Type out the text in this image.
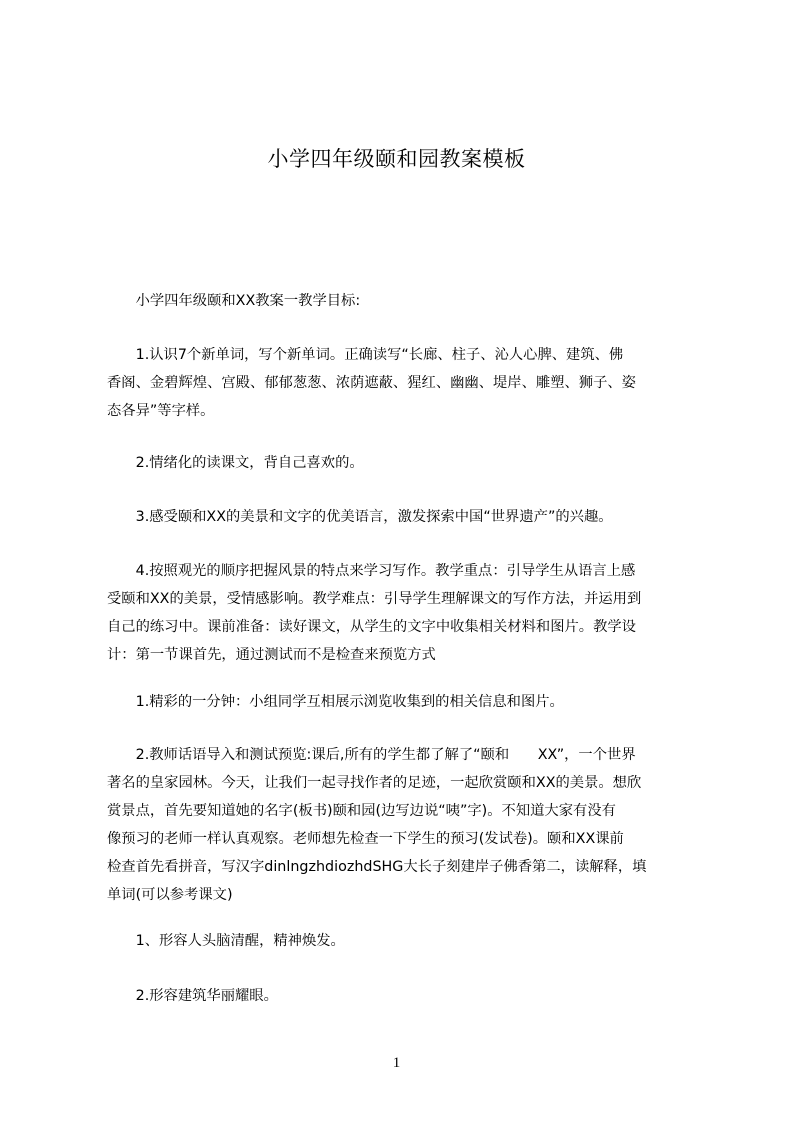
小学四年级颐和园教案模板
　　小学四年级颐和XX教案一教学目标:
　　1.认识7个新单词，写个新单词。正确读写“长廊、柱子、沁人心脾、建筑、佛
香阁、金碧辉煌、宫殿、郁郁葱葱、浓荫遮蔽、猩红、幽幽、堤岸、雕塑、狮子、姿
态各异”等字样。
　　2.情绪化的读课文，背自己喜欢的。
　　3.感受颐和XX的美景和文字的优美语言，激发探索中国“世界遗产”的兴趣。
　　4.按照观光的顺序把握风景的特点来学习写作。教学重点：引导学生从语言上感
受颐和XX的美景，受情感影响。教学难点：引导学生理解课文的写作方法，并运用到
自己的练习中。课前准备：读好课文，从学生的文字中收集相关材料和图片。教学设
计：第一节课首先，通过测试而不是检查来预览方式
　　1.精彩的一分钟：小组同学互相展示浏览收集到的相关信息和图片。
　　2.教师话语导入和测试预览:课后,所有的学生都了解了“颐和　　XX”，一个世界
著名的皇家园林。今天，让我们一起寻找作者的足迹，一起欣赏颐和XX的美景。想欣
赏景点，首先要知道她的名字(板书)颐和园(边写边说“咦”字)。不知道大家有没有
像预习的老师一样认真观察。老师想先检查一下学生的预习(发试卷)。颐和XX课前
检查首先看拼音，写汉字dinlngzhdiozhdSHG大长子刻建岸子佛香第二，读解释，填
单词(可以参考课文)
　　1、形容人头脑清醒，精神焕发。
　　2.形容建筑华丽耀眼。
1
